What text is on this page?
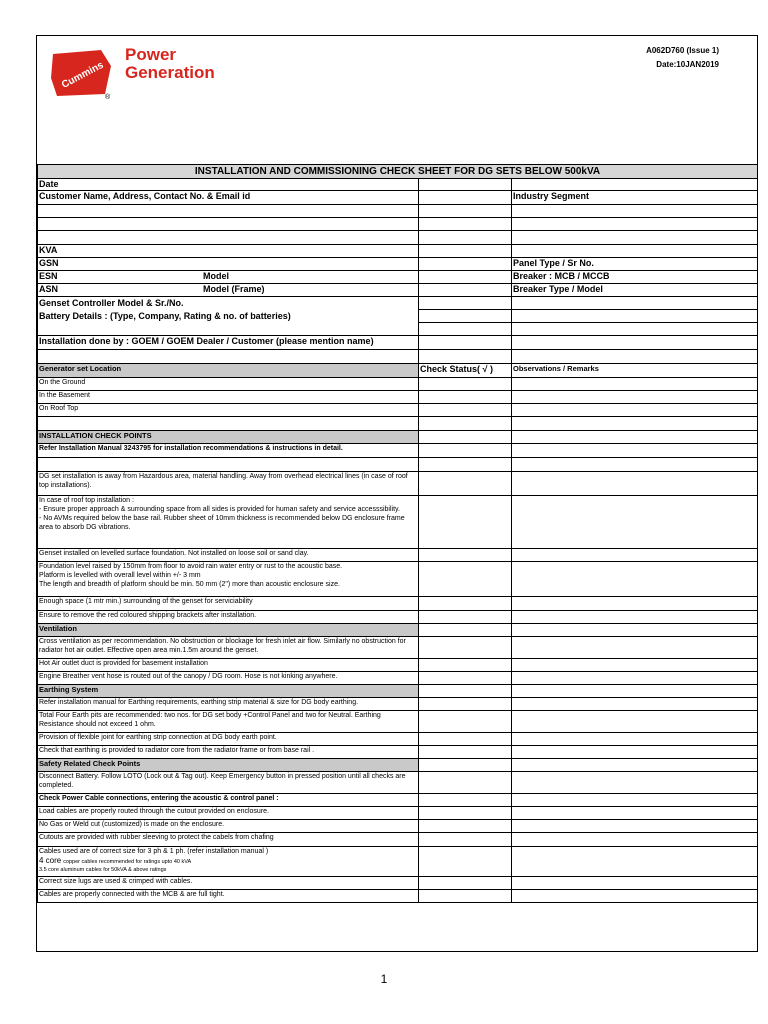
Cummins
Power
Generation
®
A062D760 (Issue 1)
Date:10JAN2019
INSTALLATION AND COMMISSIONING CHECK SHEET FOR DG SETS BELOW 500kVA		
Date		
Customer Name, Address, Contact No. & Email id		Industry Segment

KVA		
GSN		Panel Type / Sr No.
ESN Model		Breaker : MCB / MCCB
ASN Model (Frame)		Breaker Type / Model

Genset Controller Model & Sr./No.
Battery Details : (Type, Company, Rating & no. of batteries)		

Installation done by : GOEM / GOEM Dealer / Customer (please mention name)		

Generator set Location	Check Status( √ )	Observations / Remarks
On the Ground		
In the Basement		
On Roof Top		

INSTALLATION CHECK POINTS		
Refer Installation Manual 3243795 for installation recommendations & instructions in detail.		

DG set installation is away from Hazardous area, material handling. Away from overhead electrical lines (in case of roof top installations).		

In case of roof top installation :
- Ensure proper approach & surrounding space from all sides is provided for human safety and service accesssibility.
- No AVMs required below the base rail. Rubber sheet of 10mm thickness is recommended below DG enclosure frame area to absorb DG vibrations.		

Genset installed on levelled surface foundation. Not installed on loose soil or sand clay.		

Foundation level raised by 150mm from floor to avoid rain water entry or rust to the acoustic base.
Platform is levelled with overall level within +/- 3 mm
The length and breadth of platform should be min. 50 mm (2") more than acoustic enclosure size.		

Enough space (1 mtr min.) surrounding of the genset for serviciability		
Ensure to remove the red coloured shipping brackets after installation.		
Ventilation		
Cross ventilation as per recommendation. No obstruction or blockage for fresh inlet air flow. Similarly no obstruction for radiator hot air outlet. Effective open area min.1.5m around the genset.		
Hot Air outlet duct is provided for basement installation		
Engine Breather vent hose is routed out of the canopy / DG room. Hose is not kinking anywhere.		
Earthing System		
Refer installation manual for Earthing requirements, earthing strip material & size for DG body earthing.		
Total Four Earth pits are recommended: two nos. for DG set body +Control Panel and two for Neutral. Earthing Resistance should not exceed 1 ohm.		
Provision of flexible joint for earthing strip connection at DG body earth point.		
Check that earthing is provided to radiator core from the radiator frame or from base rail .		
Safety Related Check Points		
Disconnect Battery. Follow LOTO (Lock out & Tag out). Keep Emergency button in pressed position until all checks are completed.		
Check Power Cable connections, entering the acoustic & control panel :		
Load cables are properly routed through the cutout provided on enclosure.		
No Gas or Weld cut (customized) is made on the enclosure.		
Cutouts are provided with rubber sleeving to protect the cabels from chafing		

Cables used are of correct size for 3 ph & 1 ph. (refer installation manual )
4 core copper cables recommended for ratings upto 40 kVA
3.5 core aluminum cables for 50kVA & above ratings		

Correct size lugs are used & crimped with cables.		
Cables are properly connected with the MCB & are full tight.		
1
